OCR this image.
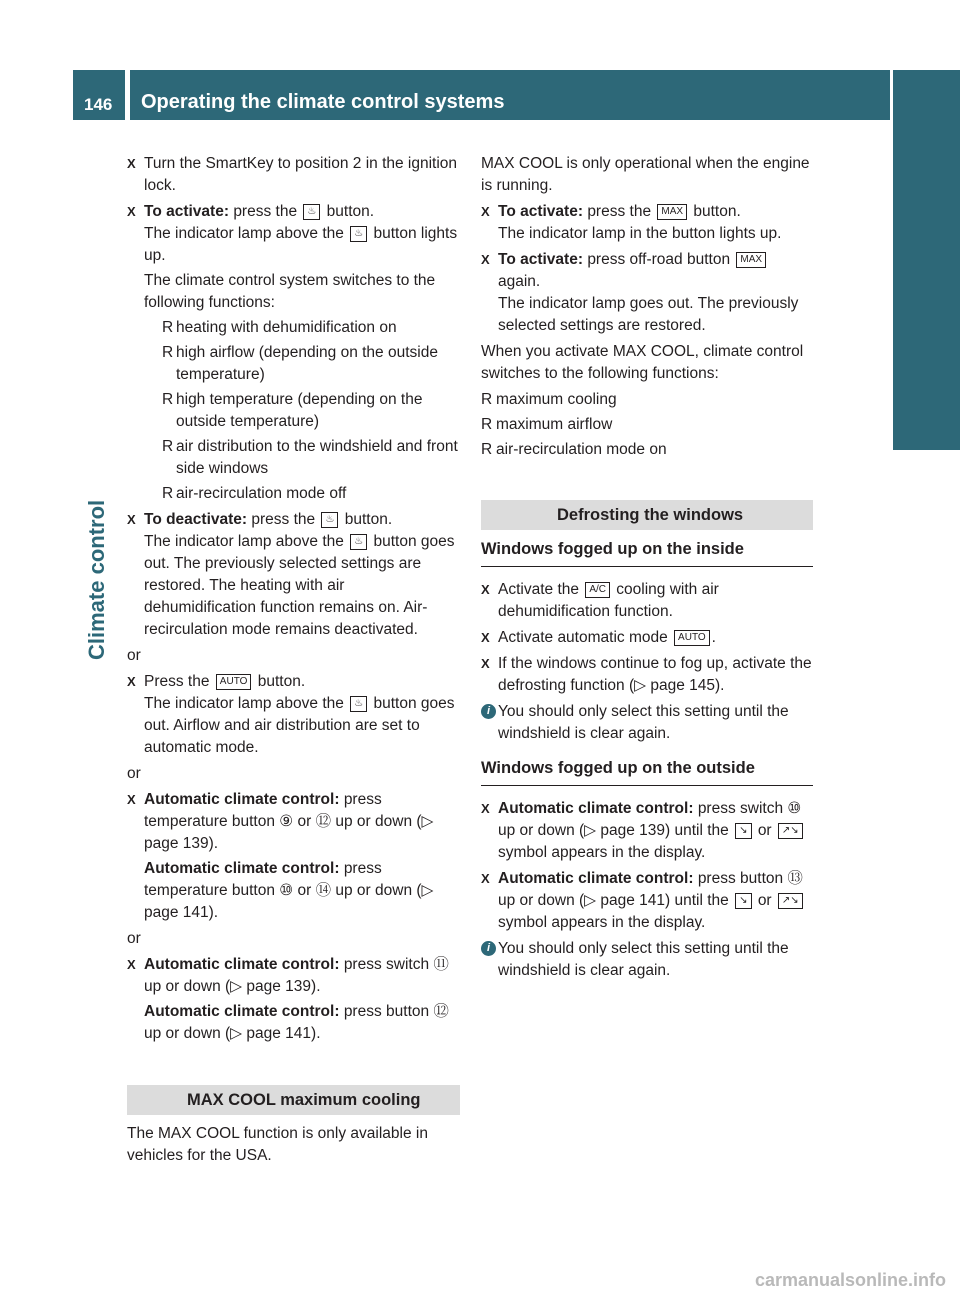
146 Operating the climate control systems
Climate control
X Turn the SmartKey to position 2 in the ignition lock.
X To activate: press the ♨ button.
The indicator lamp above the ♨ button lights up.
The climate control system switches to the following functions:
R heating with dehumidification on
R high airflow (depending on the outside temperature)
R high temperature (depending on the outside temperature)
R air distribution to the windshield and front side windows
R air-recirculation mode off
X To deactivate: press the ♨ button.
The indicator lamp above the ♨ button goes out. The previously selected settings are restored. The heating with air dehumidification function remains on. Air-recirculation mode remains deactivated.
or
X Press the AUTO button.
The indicator lamp above the ♨ button goes out. Airflow and air distribution are set to automatic mode.
or
X Automatic climate control: press temperature button ⑨ or ⑫ up or down (▷ page 139).
Automatic climate control: press temperature button ⑩ or ⑭ up or down (▷ page 141).
or
X Automatic climate control: press switch ⑪ up or down (▷ page 139).
Automatic climate control: press button ⑫ up or down (▷ page 141).
MAX COOL maximum cooling
The MAX COOL function is only available in vehicles for the USA.
MAX COOL is only operational when the engine is running.
X To activate: press the MAX button.
The indicator lamp in the button lights up.
X To activate: press off-road button MAX again.
The indicator lamp goes out. The previously selected settings are restored.
When you activate MAX COOL, climate control switches to the following functions:
R maximum cooling
R maximum airflow
R air-recirculation mode on
Defrosting the windows
Windows fogged up on the inside
X Activate the A/C cooling with air dehumidification function.
X Activate automatic mode AUTO .
X If the windows continue to fog up, activate the defrosting function (▷ page 145).
i You should only select this setting until the windshield is clear again.
Windows fogged up on the outside
X Automatic climate control: press switch ⑩ up or down (▷ page 139) until the ↘ or ↗↘ symbol appears in the display.
X Automatic climate control: press button ⑬ up or down (▷ page 141) until the ↘ or ↗↘ symbol appears in the display.
i You should only select this setting until the windshield is clear again.
carmanualsonline.info
